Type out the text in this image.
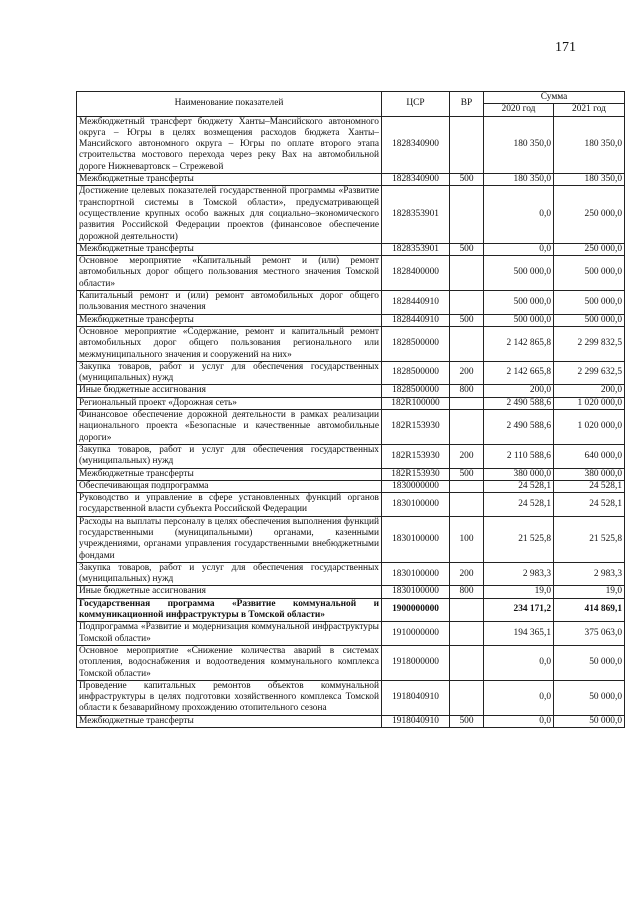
171
Наименование показателей	ЦСР	ВР	Сумма	
			2020 год	2021 год
Межбюджетный трансферт бюджету Ханты–Мансийского автономного округа – Югры в целях возмещения расходов бюджета Ханты–Мансийского автономного округа – Югры по оплате второго этапа строительства мостового перехода через реку Вах на автомобильной дороге Нижневартовск – Стрежевой	1828340900		180 350,0	180 350,0
Межбюджетные трансферты	1828340900	500	180 350,0	180 350,0
Достижение целевых показателей государственной программы «Развитие транспортной системы в Томской области», предусматривающей осуществление крупных особо важных для социально–экономического развития Российской Федерации проектов (финансовое обеспечение дорожной деятельности)	1828353901		0,0	250 000,0
Межбюджетные трансферты	1828353901	500	0,0	250 000,0
Основное мероприятие «Капитальный ремонт и (или) ремонт автомобильных дорог общего пользования местного значения Томской области»	1828400000		500 000,0	500 000,0
Капитальный ремонт и (или) ремонт автомобильных дорог общего пользования местного значения	1828440910		500 000,0	500 000,0
Межбюджетные трансферты	1828440910	500	500 000,0	500 000,0
Основное мероприятие «Содержание, ремонт и капитальный ремонт автомобильных дорог общего пользования регионального или межмуниципального значения и сооружений на них»	1828500000		2 142 865,8	2 299 832,5
Закупка товаров, работ и услуг для обеспечения государственных (муниципальных) нужд	1828500000	200	2 142 665,8	2 299 632,5
Иные бюджетные ассигнования	1828500000	800	200,0	200,0
Региональный проект «Дорожная сеть»	182R100000		2 490 588,6	1 020 000,0
Финансовое обеспечение дорожной деятельности в рамках реализации национального проекта «Безопасные и качественные автомобильные дороги»	182R153930		2 490 588,6	1 020 000,0
Закупка товаров, работ и услуг для обеспечения государственных (муниципальных) нужд	182R153930	200	2 110 588,6	640 000,0
Межбюджетные трансферты	182R153930	500	380 000,0	380 000,0
Обеспечивающая подпрограмма	1830000000		24 528,1	24 528,1
Руководство и управление в сфере установленных функций органов государственной власти субъекта Российской Федерации	1830100000		24 528,1	24 528,1
Расходы на выплаты персоналу в целях обеспечения выполнения функций государственными (муниципальными) органами, казенными учреждениями, органами управления государственными внебюджетными фондами	1830100000	100	21 525,8	21 525,8
Закупка товаров, работ и услуг для обеспечения государственных (муниципальных) нужд	1830100000	200	2 983,3	2 983,3
Иные бюджетные ассигнования	1830100000	800	19,0	19,0
Государственная программа «Развитие коммунальной и коммуникационной инфраструктуры в Томской области»	1900000000		234 171,2	414 869,1
Подпрограмма «Развитие и модернизация коммунальной инфраструктуры Томской области»	1910000000		194 365,1	375 063,0
Основное мероприятие «Снижение количества аварий в системах отопления, водоснабжения и водоотведения коммунального комплекса Томской области»	1918000000		0,0	50 000,0
Проведение капитальных ремонтов объектов коммунальной инфраструктуры в целях подготовки хозяйственного комплекса Томской области к безаварийному прохождению отопительного сезона	1918040910		0,0	50 000,0
Межбюджетные трансферты	1918040910	500	0,0	50 000,0
